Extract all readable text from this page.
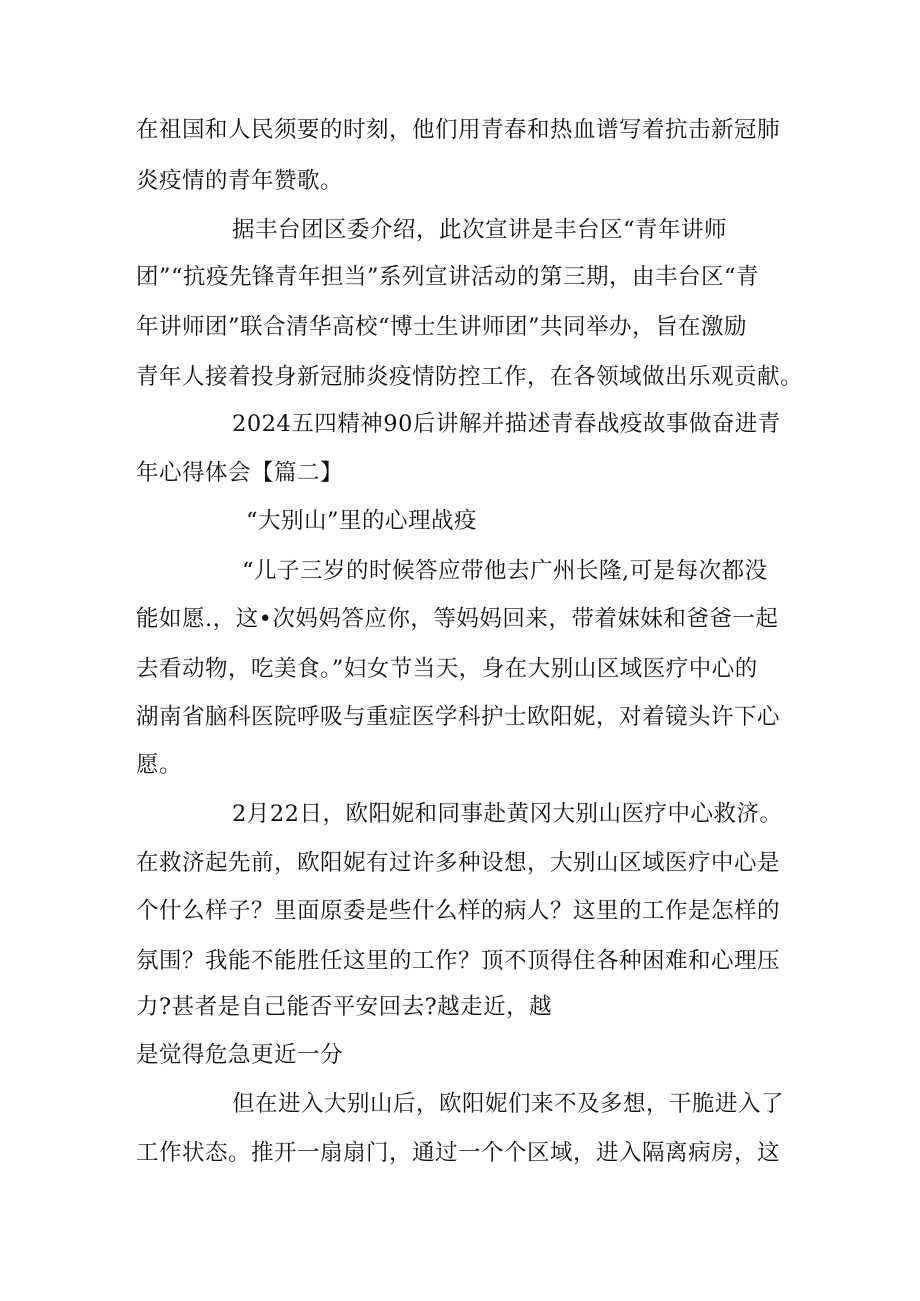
在祖国和人民须要的时刻，他们用青春和热血谱写着抗击新冠肺
炎疫情的青年赞歌。
据丰台团区委介绍，此次宣讲是丰台区“青年讲师
团”“抗疫先锋青年担当”系列宣讲活动的第三期，由丰台区“青
年讲师团”联合清华高校“博士生讲师团”共同举办，旨在激励
青年人接着投身新冠肺炎疫情防控工作，在各领域做出乐观贡献。
2024五四精神90后讲解并描述青春战疫故事做奋进青
年心得体会【篇二】
“大别山”里的心理战疫
“儿子三岁的时候答应带他去广州长隆,可是每次都没
能如愿.，这•次妈妈答应你，等妈妈回来，带着妹妹和爸爸一起
去看动物，吃美食。”妇女节当天，身在大别山区域医疗中心的
湖南省脑科医院呼吸与重症医学科护士欧阳妮，对着镜头许下心
愿。
2月22日，欧阳妮和同事赴黄冈大别山医疗中心救济。
在救济起先前，欧阳妮有过许多种设想，大别山区域医疗中心是
个什么样子？里面原委是些什么样的病人？这里的工作是怎样的
氛围？我能不能胜任这里的工作？顶不顶得住各种困难和心理压
力?甚者是自己能否平安回去?越走近，越
是觉得危急更近一分
但在进入大别山后，欧阳妮们来不及多想，干脆进入了
工作状态。推开一扇扇门，通过一个个区域，进入隔离病房，这
